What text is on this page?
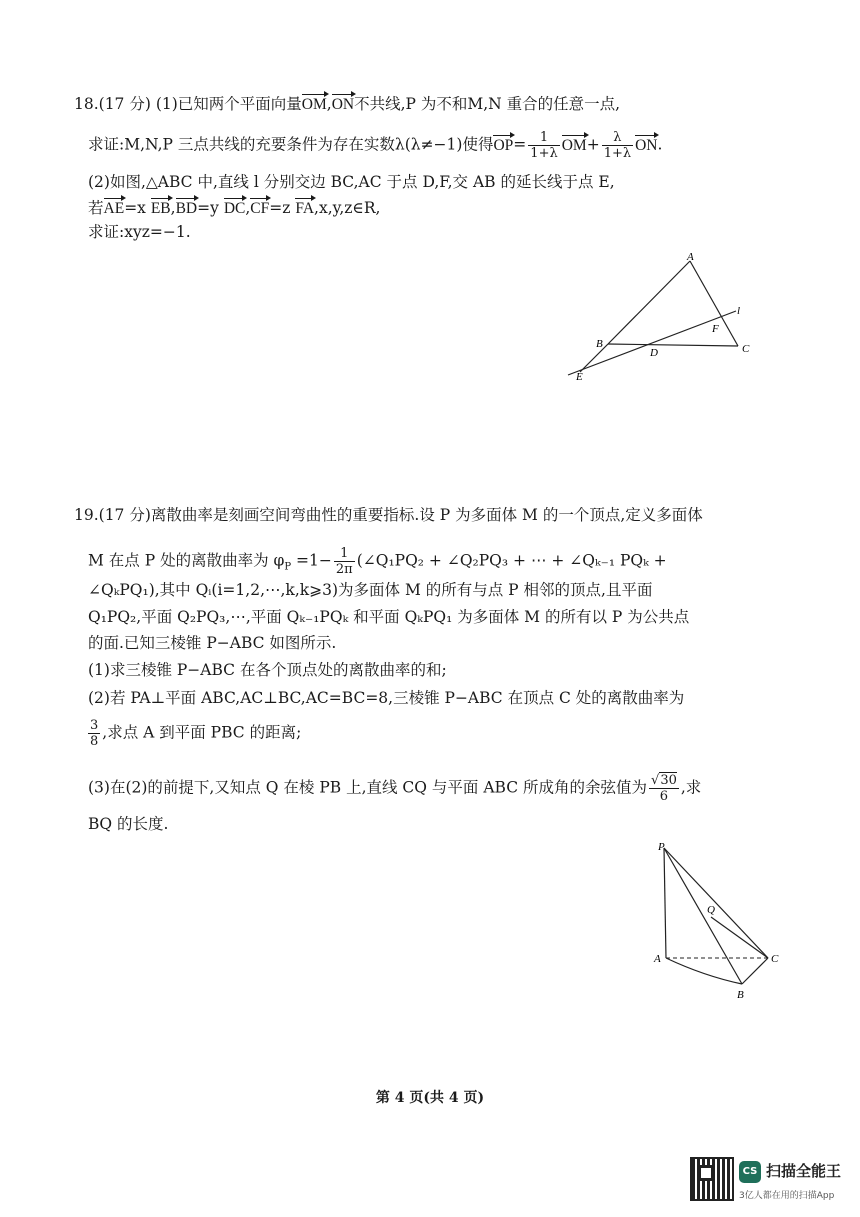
18.(17 分) (1)已知两个平面向量OM,ON不共线,P 为不和M,N 重合的任意一点,
求证:M,N,P 三点共线的充要条件为存在实数λ(λ≠−1)使得$OP= \frac{1}{1+\lambda} OM+ \frac{\lambda}{1+\lambda}$ ON.
(2)如图,△ABC 中,直线 l 分别交边 BC,AC 于点 D,F,交 AB 的延长线于点 E,
若AE=x EB,BD=y DC,CF=z FA,x,y,z∈R,
求证:xyz=−1.
A
B	C
D
E
F
l
19.(17 分)离散曲率是刻画空间弯曲性的重要指标.设 P 为多面体 M 的一个顶点,定义多面体
M 在点 P 处的离散曲率为 $\varphi_P =1- \frac{1}{2\pi}$ (∠Q₁PQ₂ + ∠Q₂PQ₃ + ⋯ + ∠Qₖ₋₁ PQₖ +
∠QₖPQ₁),其中 Qᵢ(i=1,2,⋯,k,k⩾3)为多面体 M 的所有与点 P 相邻的顶点,且平面
Q₁PQ₂,平面 Q₂PQ₃,⋯,平面 Qₖ₋₁PQₖ 和平面 QₖPQ₁ 为多面体 M 的所有以 P 为公共点
的面.已知三棱锥 P−ABC 如图所示.
(1)求三棱锥 P−ABC 在各个顶点处的离散曲率的和;
(2)若 PA⊥平面 ABC,AC⊥BC,AC=BC=8,三棱锥 P−ABC 在顶点 C 处的离散曲率为
$\frac{3}{8}$ ,求点 A 到平面 PBC 的距离;
(3)在(2)的前提下,又知点 Q 在棱 PB 上,直线 CQ 与平面 ABC 所成角的余弦值为 $\frac{√30}{6}$ ,求
BQ 的长度.
P
Q
A
B
C
第 4 页(共 4 页)
CS 扫描全能王
3亿人都在用的扫描App
